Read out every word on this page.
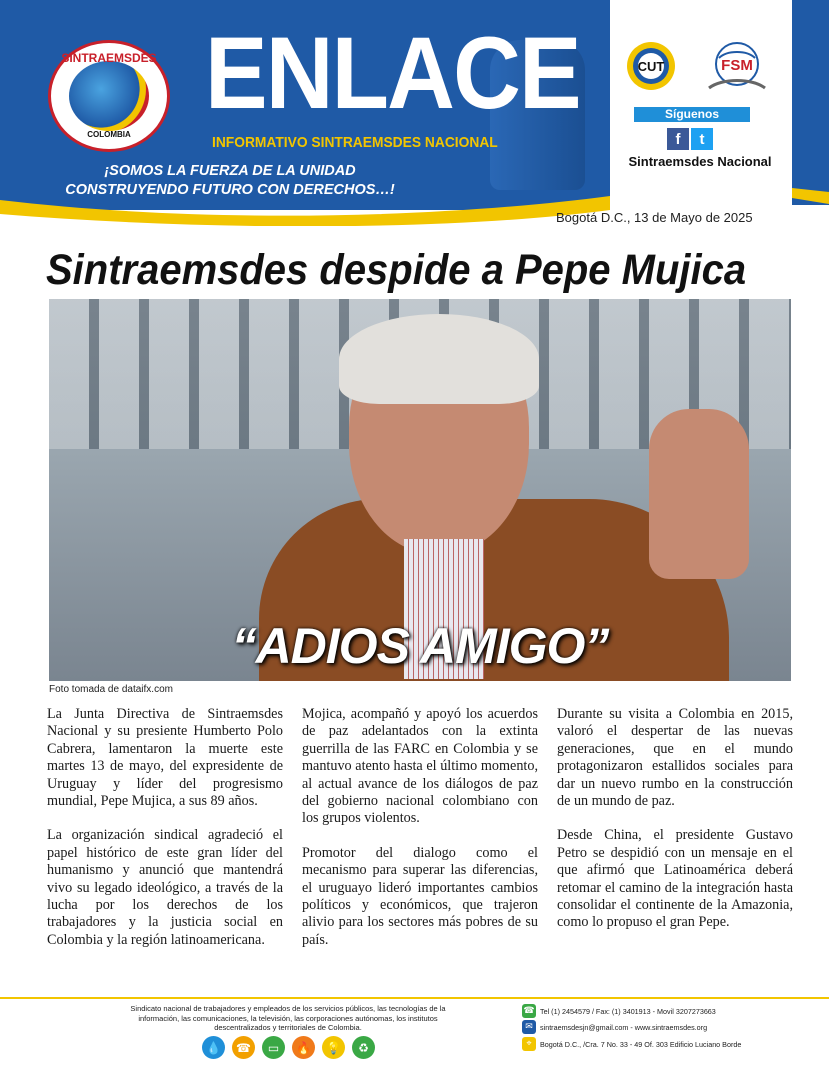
SINTRAEMSDES
COLOMBIA
ENLACE
INFORMATIVO SINTRAEMSDES NACIONAL
¡SOMOS LA FUERZA DE LA UNIDAD
CONSTRUYENDO FUTURO CON DERECHOS…!
CUT	FSM
Síguenos
f	t
Sintraemsdes Nacional
Bogotá D.C., 13 de Mayo de 2025
Sintraemsdes despide a Pepe Mujica
“ADIOS AMIGO”
Foto tomada de dataifx.com

La Junta Directiva de Sintraemsdes Nacional y su presiente Humberto Polo Cabrera, lamentaron la muerte este martes 13 de mayo, del expresidente de Uruguay y líder del progresismo mundial, Pepe Mujica, a sus 89 años.

La organización sindical agradeció el papel histórico de este gran líder del humanismo y anunció que mantendrá vivo su legado ideológico, a través de la lucha por los derechos de los trabajadores y la justicia social en Colombia y la región latinoamericana.

Mojica, acompañó y apoyó los acuerdos de paz adelantados con la extinta guerrilla de las FARC en Colombia y se mantuvo atento hasta el último momento, al actual avance de los diálogos de paz del gobierno nacional colombiano con los grupos violentos.

Promotor del dialogo como el mecanismo para superar las diferencias, el uruguayo lideró importantes cambios políticos y económicos, que trajeron alivio para los sectores más pobres de su país.

Durante su visita a Colombia en 2015, valoró el despertar de las nuevas generaciones, que en el mundo protagonizaron estallidos sociales para dar un nuevo rumbo en la construcción de un mundo de paz.

Desde China, el presidente Gustavo Petro se despidió con un mensaje en el que afirmó que Latinoamérica deberá retomar el camino de la integración hasta consolidar el continente de la Amazonia, como lo propuso el gran Pepe.

Sindicato nacional de trabajadores y empleados de los servicios públicos, las tecnologías de la información, las comunicaciones, la televisión, las corporaciones autónomas, los institutos descentralizados y territoriales de Colombia.
💧	☎	▭	🔥	💡	♻
☎ Tel (1) 2454579 / Fax: (1) 3401913 - Movil 3207273663
✉	sintraemsdesjn@gmail.com - www.sintraemsdes.org
⌖	Bogotá D.C., /Cra. 7 No. 33 - 49 Of. 303 Edificio Luciano Borde
